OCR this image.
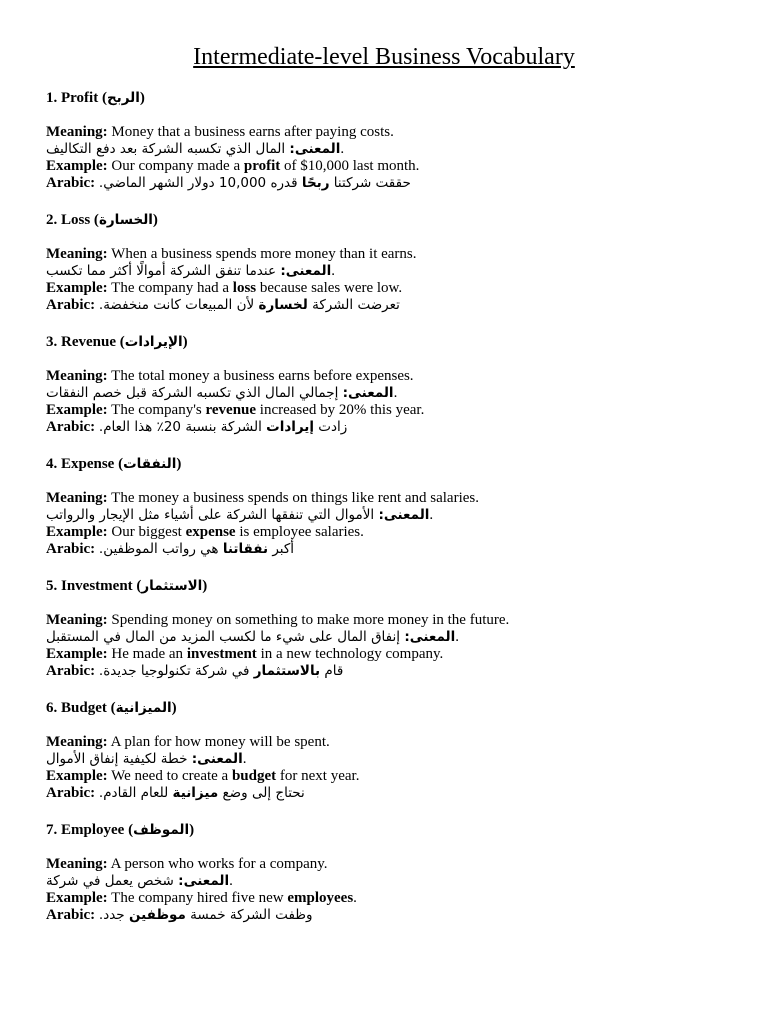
Intermediate-level Business Vocabulary
1. Profit (الربح)
Meaning: Money that a business earns after paying costs.
المعنى: المال الذي تكسبه الشركة بعد دفع التكاليف	.
Example: Our company made a profit of $10,000 last month.
Arabic:	حققت شركتنا ربحًا قدره 10,000 دولار الشهر الماضي.
2. Loss (الخسارة)
Meaning: When a business spends more money than it earns.
المعنى: عندما تنفق الشركة أموالًا أكثر مما تكسب	.
Example: The company had a loss because sales were low.
Arabic:	تعرضت الشركة لخسارة لأن المبيعات كانت منخفضة.
3. Revenue (الإيرادات)
Meaning: The total money a business earns before expenses.
المعنى: إجمالي المال الذي تكسبه الشركة قبل خصم النفقات	.
Example: The company's revenue increased by 20% this year.
Arabic:	زادت إيرادات الشركة بنسبة 20٪ هذا العام.
4. Expense (النفقات)
Meaning: The money a business spends on things like rent and salaries.
المعنى: الأموال التي تنفقها الشركة على أشياء مثل الإيجار والرواتب	.
Example: Our biggest expense is employee salaries.
Arabic:	أكبر نفقاتنا هي رواتب الموظفين.
5. Investment (الاستثمار)
Meaning: Spending money on something to make more money in the future.
المعنى: إنفاق المال على شيء ما لكسب المزيد من المال في المستقبل	.
Example: He made an investment in a new technology company.
Arabic:	قام بالاستثمار في شركة تكنولوجيا جديدة.
6. Budget (الميزانية)
Meaning: A plan for how money will be spent.
المعنى: خطة لكيفية إنفاق الأموال	.
Example: We need to create a budget for next year.
Arabic:	نحتاج إلى وضع ميزانية للعام القادم.
7. Employee (الموظف)
Meaning: A person who works for a company.
المعنى: شخص يعمل في شركة	.
Example: The company hired five new employees.
Arabic:	وظفت الشركة خمسة موظفين جدد.
